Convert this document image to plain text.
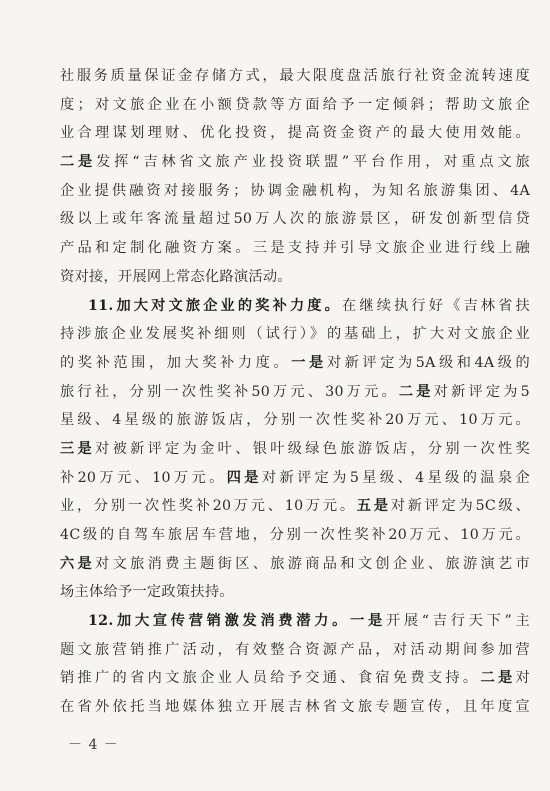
社服务质量保证金存储方式，最大限度盘活旅行社资金流转速度
度；对文旅企业在小额贷款等方面给予一定倾斜；帮助文旅企
业合理谋划理财、优化投资，提高资金资产的最大使用效能。
二是发挥“吉林省文旅产业投资联盟”平台作用，对重点文旅
企业提供融资对接服务；协调金融机构，为知名旅游集团、4A
级以上或年客流量超过50万人次的旅游景区，研发创新型信贷
产品和定制化融资方案。三是支持并引导文旅企业进行线上融
资对接，开展网上常态化路演活动。
11.加大对文旅企业的奖补力度。在继续执行好《吉林省扶
持涉旅企业发展奖补细则（试行）》的基础上，扩大对文旅企业
的奖补范围，加大奖补力度。一是对新评定为5A级和4A级的
旅行社，分别一次性奖补50万元、30万元。二是对新评定为5
星级、4星级的旅游饭店，分别一次性奖补20万元、10万元。
三是对被新评定为金叶、银叶级绿色旅游饭店，分别一次性奖
补20万元、10万元。四是对新评定为5星级、4星级的温泉企
业，分别一次性奖补20万元、10万元。五是对新评定为5C级、
4C级的自驾车旅居车营地，分别一次性奖补20万元、10万元。
六是对文旅消费主题街区、旅游商品和文创企业、旅游演艺市
场主体给予一定政策扶持。
12.加大宣传营销激发消费潜力。一是开展“吉行天下”主
题文旅营销推广活动，有效整合资源产品，对活动期间参加营
销推广的省内文旅企业人员给予交通、食宿免费支持。二是对
在省外依托当地媒体独立开展吉林省文旅专题宣传，且年度宣
－ 4 －
